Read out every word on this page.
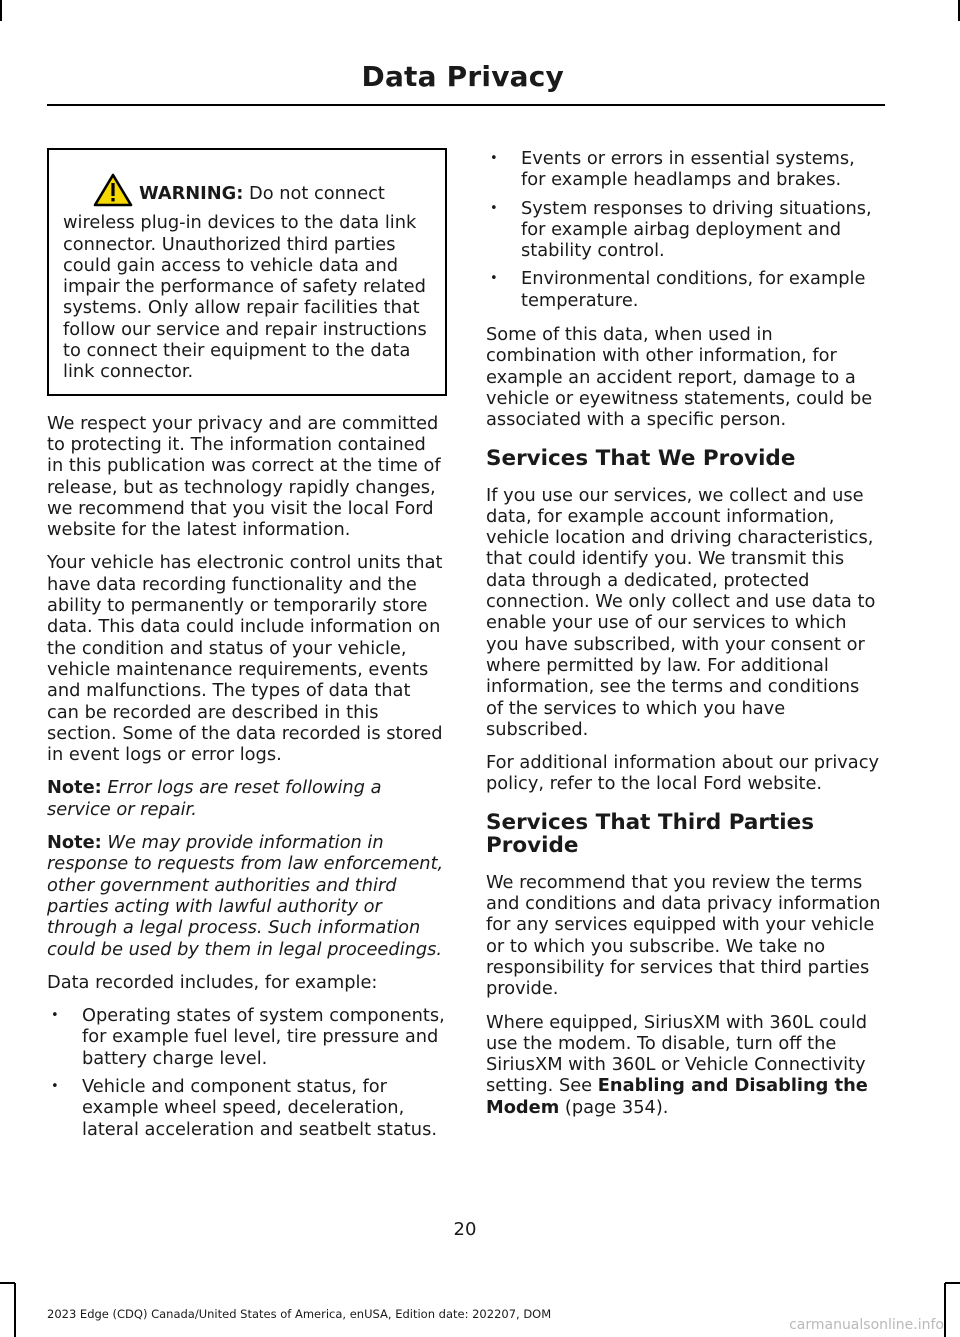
Data Privacy
WARNING: Do not connect wireless plug-in devices to the data link connector. Unauthorized third parties could gain access to vehicle data and impair the performance of safety related systems. Only allow repair facilities that follow our service and repair instructions to connect their equipment to the data link connector.

We respect your privacy and are committed to protecting it. The information contained in this publication was correct at the time of release, but as technology rapidly changes, we recommend that you visit the local Ford website for the latest information.

Your vehicle has electronic control units that have data recording functionality and the ability to permanently or temporarily store data. This data could include information on the condition and status of your vehicle, vehicle maintenance requirements, events and malfunctions. The types of data that can be recorded are described in this section. Some of the data recorded is stored in event logs or error logs.

Note: Error logs are reset following a service or repair.

Note: We may provide information in response to requests from law enforcement, other government authorities and third parties acting with lawful authority or through a legal process. Such information could be used by them in legal proceedings.

Data recorded includes, for example:

• Operating states of system components, for example fuel level, tire pressure and battery charge level.
• Vehicle and component status, for example wheel speed, deceleration, lateral acceleration and seatbelt status.
• Events or errors in essential systems, for example headlamps and brakes.
• System responses to driving situations, for example airbag deployment and stability control.
• Environmental conditions, for example temperature.

Some of this data, when used in combination with other information, for example an accident report, damage to a vehicle or eyewitness statements, could be associated with a specific person.

Services That We Provide

If you use our services, we collect and use data, for example account information, vehicle location and driving characteristics, that could identify you. We transmit this data through a dedicated, protected connection. We only collect and use data to enable your use of our services to which you have subscribed, with your consent or where permitted by law. For additional information, see the terms and conditions of the services to which you have subscribed.

For additional information about our privacy policy, refer to the local Ford website.

Services That Third Parties Provide

We recommend that you review the terms and conditions and data privacy information for any services equipped with your vehicle or to which you subscribe. We take no responsibility for services that third parties provide.

Where equipped, SiriusXM with 360L could use the modem. To disable, turn off the SiriusXM with 360L or Vehicle Connectivity setting. See Enabling and Disabling the Modem (page 354).

20
2023 Edge (CDQ) Canada/United States of America, enUSA, Edition date: 202207, DOM
carmanualsonline.info
